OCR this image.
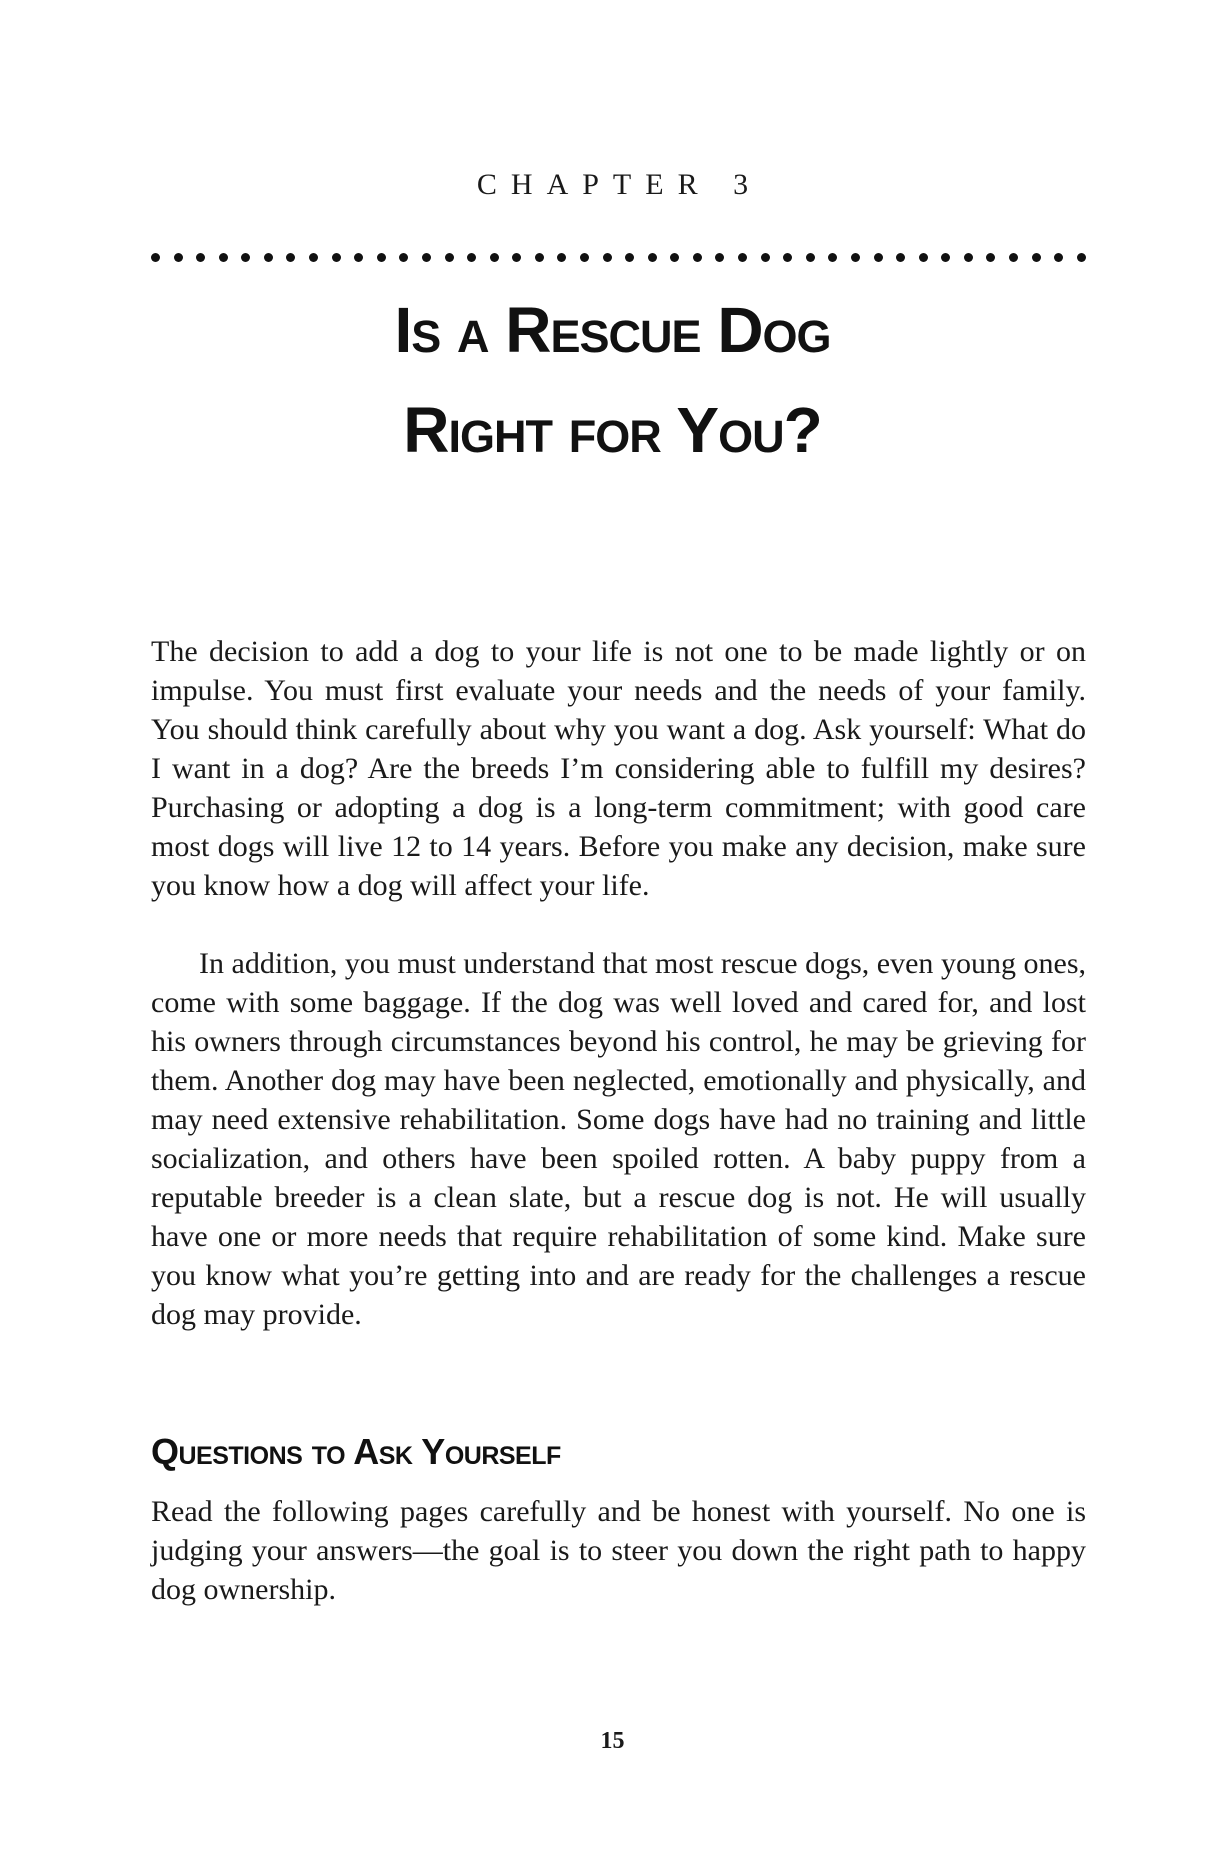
CHAPTER 3
Is a Rescue Dog
Right for You?

The decision to add a dog to your life is not one to be made lightly or on impulse. You must first evaluate your needs and the needs of your family. You should think carefully about why you want a dog. Ask yourself: What do I want in a dog? Are the breeds I’m considering able to fulfill my desires? Purchasing or adopting a dog is a long-term commitment; with good care most dogs will live 12 to 14 years. Before you make any decision, make sure you know how a dog will affect your life.

In addition, you must understand that most rescue dogs, even young ones, come with some baggage. If the dog was well loved and cared for, and lost his owners through circumstances beyond his control, he may be grieving for them. Another dog may have been neglected, emotionally and physically, and may need extensive rehabilitation. Some dogs have had no training and little socialization, and others have been spoiled rotten. A baby puppy from a reputable breeder is a clean slate, but a rescue dog is not. He will usually have one or more needs that require rehabilitation of some kind. Make sure you know what you’re getting into and are ready for the challenges a rescue dog may provide.

Questions to Ask Yourself

Read the following pages carefully and be honest with yourself. No one is judging your answers—the goal is to steer you down the right path to happy dog ownership.

15
